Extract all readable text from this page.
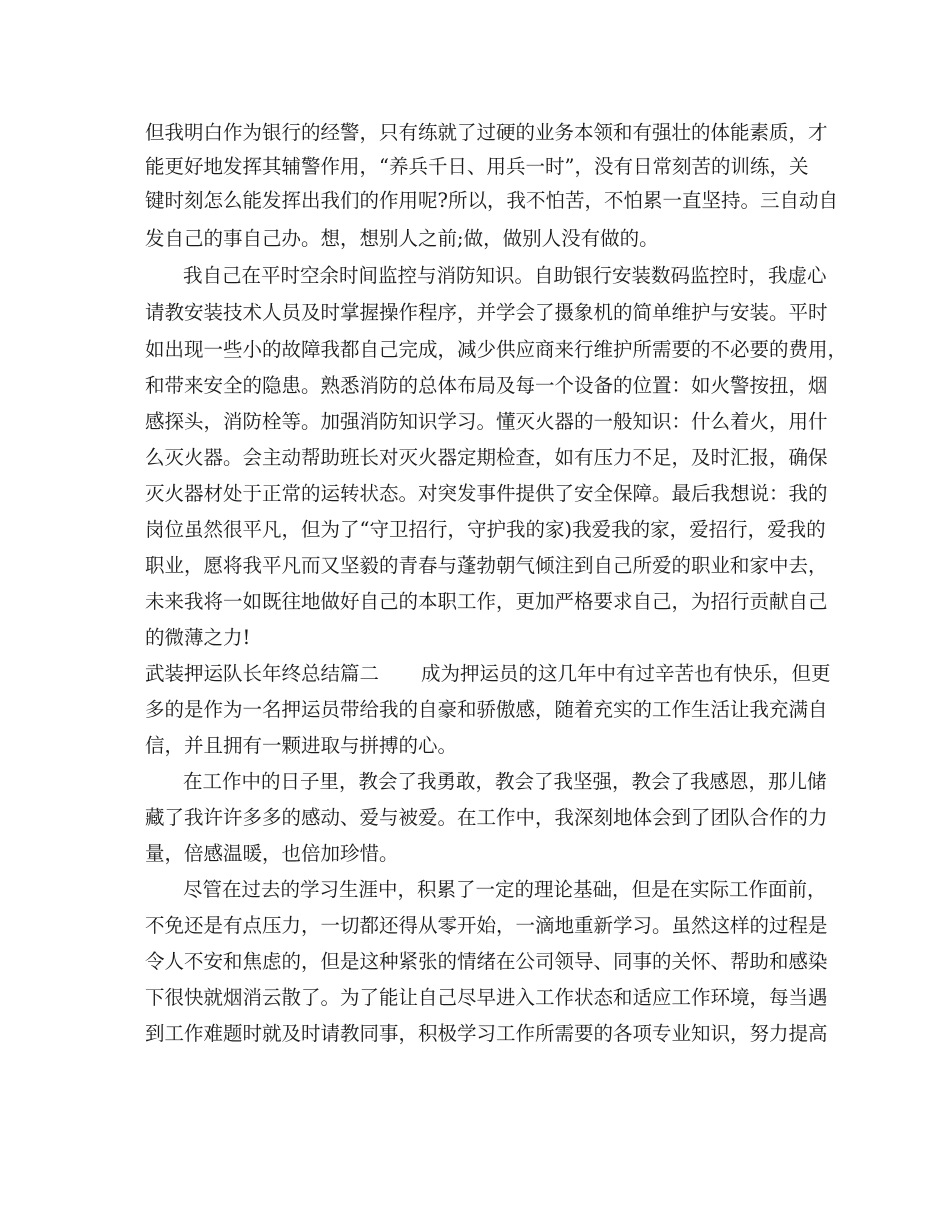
但我明白作为银行的经警，只有练就了过硬的业务本领和有强壮的体能素质，才
能更好地发挥其辅警作用，“养兵千日、用兵一时”，没有日常刻苦的训练，关
键时刻怎么能发挥出我们的作用呢?所以，我不怕苦，不怕累一直坚持。三自动自
发自己的事自己办。想，想别人之前;做，做别人没有做的。
我自己在平时空余时间监控与消防知识。自助银行安装数码监控时，我虚心
请教安装技术人员及时掌握操作程序，并学会了摄象机的简单维护与安装。平时
如出现一些小的故障我都自己完成，减少供应商来行维护所需要的不必要的费用，
和带来安全的隐患。熟悉消防的总体布局及每一个设备的位置：如火警按扭，烟
感探头，消防栓等。加强消防知识学习。懂灭火器的一般知识：什么着火，用什
么灭火器。会主动帮助班长对灭火器定期检查，如有压力不足，及时汇报，确保
灭火器材处于正常的运转状态。对突发事件提供了安全保障。最后我想说：我的
岗位虽然很平凡，但为了“守卫招行，守护我的家)我爱我的家，爱招行，爱我的
职业，愿将我平凡而又坚毅的青春与蓬勃朝气倾注到自己所爱的职业和家中去，
未来我将一如既往地做好自己的本职工作，更加严格要求自己，为招行贡献自己
的微薄之力!
武装押运队长年终总结篇二 成为押运员的这几年中有过辛苦也有快乐，但更
多的是作为一名押运员带给我的自豪和骄傲感，随着充实的工作生活让我充满自
信，并且拥有一颗进取与拼搏的心。
在工作中的日子里，教会了我勇敢，教会了我坚强，教会了我感恩，那儿储
藏了我许许多多的感动、爱与被爱。在工作中，我深刻地体会到了团队合作的力
量，倍感温暖，也倍加珍惜。
尽管在过去的学习生涯中，积累了一定的理论基础，但是在实际工作面前，
不免还是有点压力，一切都还得从零开始，一滴地重新学习。虽然这样的过程是
令人不安和焦虑的，但是这种紧张的情绪在公司领导、同事的关怀、帮助和感染
下很快就烟消云散了。为了能让自己尽早进入工作状态和适应工作环境，每当遇
到工作难题时就及时请教同事，积极学习工作所需要的各项专业知识，努力提高
